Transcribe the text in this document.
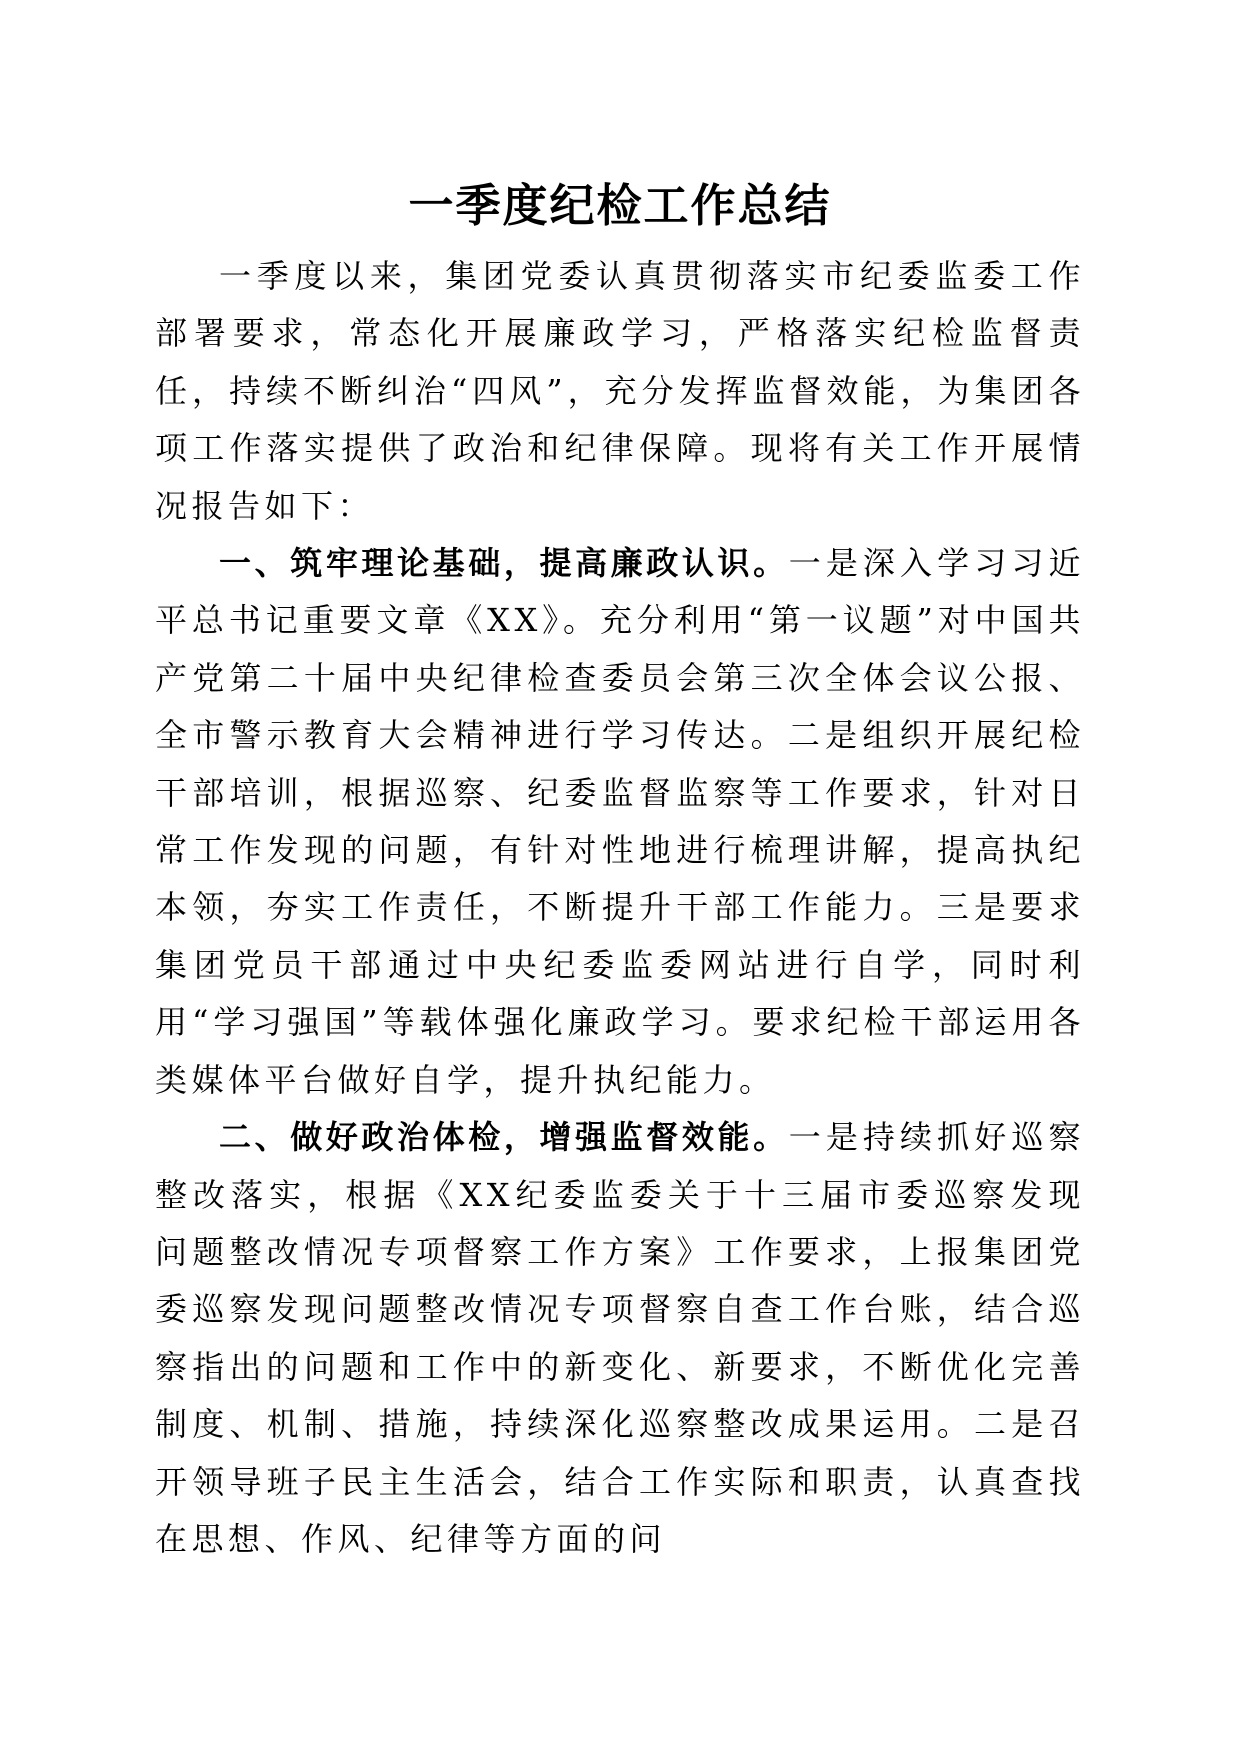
一季度纪检工作总结

一季度以来，集团党委认真贯彻落实市纪委监委工作部署要求，常态化开展廉政学习，严格落实纪检监督责任，持续不断纠治“四风”，充分发挥监督效能，为集团各项工作落实提供了政治和纪律保障。现将有关工作开展情况报告如下：

一、筑牢理论基础，提高廉政认识。一是深入学习习近平总书记重要文章《XX》。充分利用“第一议题”对中国共产党第二十届中央纪律检查委员会第三次全体会议公报、全市警示教育大会精神进行学习传达。二是组织开展纪检干部培训，根据巡察、纪委监督监察等工作要求，针对日常工作发现的问题，有针对性地进行梳理讲解，提高执纪本领，夯实工作责任，不断提升干部工作能力。三是要求集团党员干部通过中央纪委监委网站进行自学，同时利用“学习强国”等载体强化廉政学习。要求纪检干部运用各类媒体平台做好自学，提升执纪能力。

二、做好政治体检，增强监督效能。一是持续抓好巡察整改落实，根据《XX纪委监委关于十三届市委巡察发现问题整改情况专项督察工作方案》工作要求，上报集团党委巡察发现问题整改情况专项督察自查工作台账，结合巡察指出的问题和工作中的新变化、新要求，不断优化完善制度、机制、措施，持续深化巡察整改成果运用。二是召开领导班子民主生活会，结合工作实际和职责，认真查找在思想、作风、纪律等方面的问
